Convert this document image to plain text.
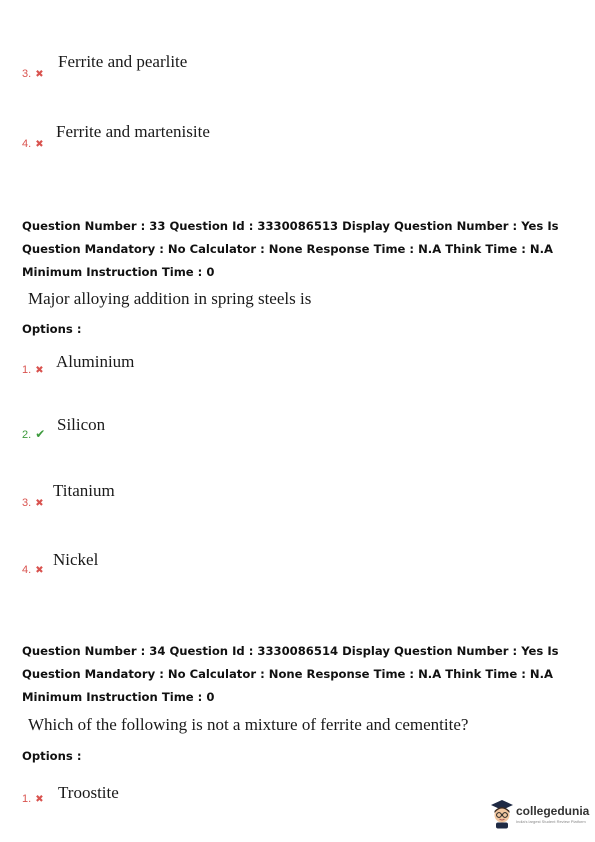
3. ✖
Ferrite and pearlite
4. ✖
Ferrite and martenisite
Question Number : 33 Question Id : 3330086513 Display Question Number : Yes Is Question Mandatory : No Calculator : None Response Time : N.A Think Time : N.A Minimum Instruction Time : 0
Major alloying addition in spring steels is
Options :
1. ✖ Aluminium
2. ✔ Silicon
3. ✖
Titanium
4. ✖
Nickel
Question Number : 34 Question Id : 3330086514 Display Question Number : Yes Is Question Mandatory : No Calculator : None Response Time : N.A Think Time : N.A Minimum Instruction Time : 0
Which of the following is not a mixture of ferrite and cementite?
Options :
1. ✖ Troostite
collegedunia
India's largest Student Review Platform
